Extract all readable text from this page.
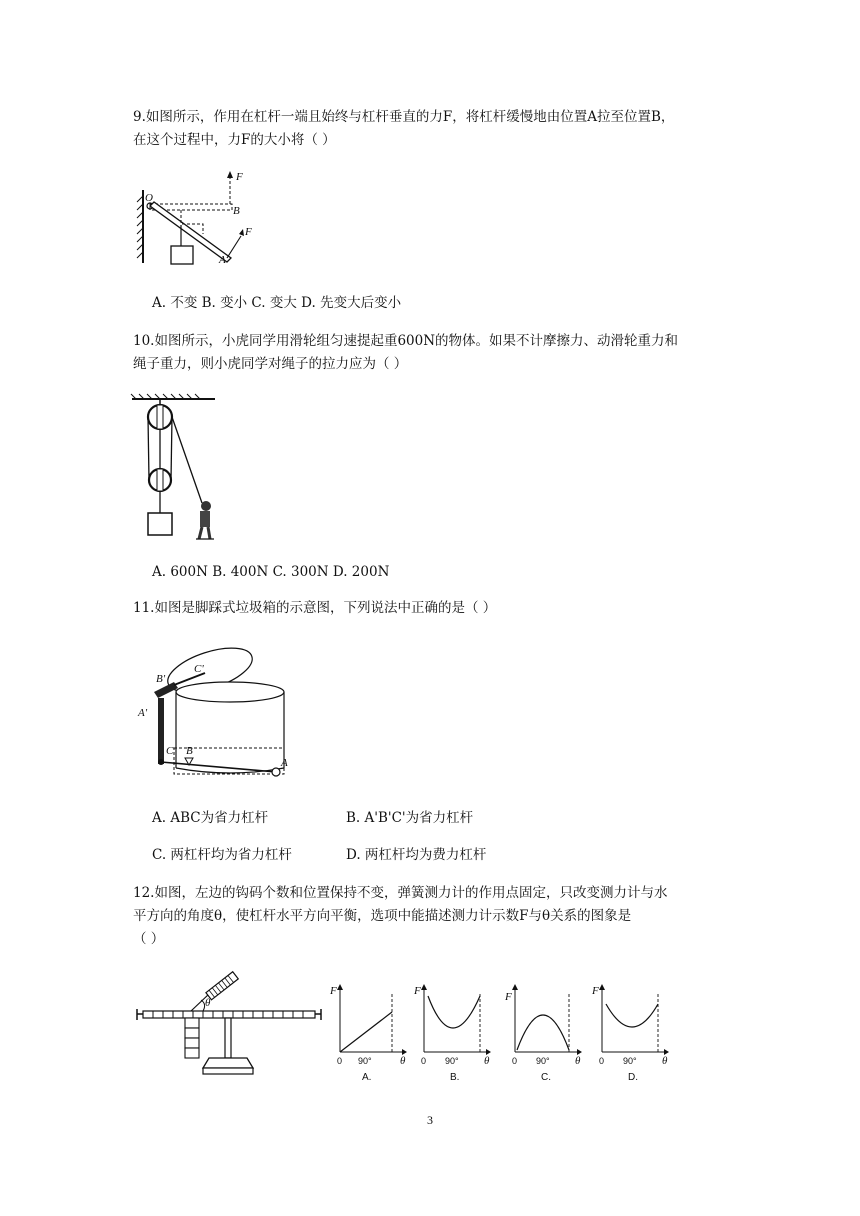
9.如图所示，作用在杠杆一端且始终与杠杆垂直的力F，将杠杆缓慢地由位置A拉至位置B，
在这个过程中，力F的大小将（ ）
O
F
B
F
A
A. 不变 B. 变小 C. 变大 D. 先变大后变小
10.如图所示，小虎同学用滑轮组匀速提起重600N的物体。如果不计摩擦力、动滑轮重力和
绳子重力，则小虎同学对绳子的拉力应为（ ）
A. 600N B. 400N C. 300N D. 200N
11.如图是脚踩式垃圾箱的示意图，下列说法中正确的是（ ）
C'
B'
A'
C B
A
A. ABC为省力杠杆	B. A'B'C'为省力杠杆
C. 两杠杆均为省力杠杆	D. 两杠杆均为费力杠杆
12.如图，左边的钩码个数和位置保持不变，弹簧测力计的作用点固定，只改变测力计与水
平方向的角度θ，使杠杆水平方向平衡，选项中能描述测力计示数F与θ关系的图象是
（ ）
θ
F
0 90°	θ
A.
F
0 90° θ
B.
F
0 90° θ
C.
F
0 90° θ
D.
3
